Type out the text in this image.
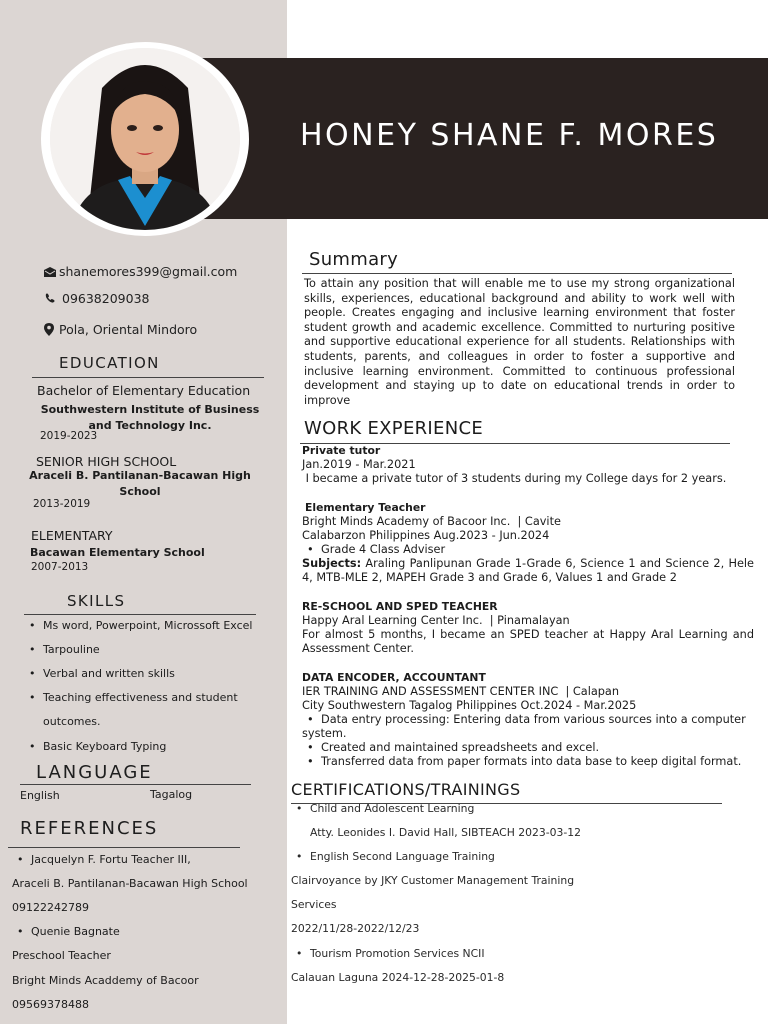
HONEY SHANE F. MORES
shanemores399@gmail.com
09638209038
Pola, Oriental Mindoro
EDUCATION
Bachelor of Elementary Education
Southwestern Institute of Business and Technology Inc.
2019-2023
SENIOR HIGH SCHOOL
Araceli B. Pantilanan-Bacawan High School
2013-2019
ELEMENTARY
Bacawan Elementary School
2007-2013
SKILLS
• Ms word, Powerpoint, Microssoft Excel
• Tarpouline
• Verbal and written skills
• Teaching effectiveness and student
outcomes.
• Basic Keyboard Typing
LANGUAGE
English	Tagalog
REFERENCES
• Jacquelyn F. Fortu Teacher III,
Araceli B. Pantilanan-Bacawan High School
09122242789
• Quenie Bagnate
Preschool Teacher
Bright Minds Acaddemy of Bacoor
09569378488
Summary
To attain any position that will enable me to use my strong organizational skills, experiences, educational background and ability to work well with people. Creates engaging and inclusive learning environment that foster student growth and academic excellence. Committed to nurturing positive and supportive educational experience for all students. Relationships with students, parents, and colleagues in order to foster a supportive and inclusive learning environment. Committed to continuous professional development and staying up to date on educational trends in order to improve
WORK EXPERIENCE
Private tutor
Jan.2019 - Mar.2021
I became a private tutor of 3 students during my College days for 2 years.
Elementary Teacher
Bright Minds Academy of Bacoor Inc.  | Cavite
Calabarzon Philippines Aug.2023 - Jun.2024
• Grade 4 Class Adviser
Subjects: Araling Panlipunan Grade 1-Grade 6, Science 1 and Science 2, Hele 4, MTB-MLE 2, MAPEH Grade 3 and Grade 6, Values 1 and Grade 2
RE-SCHOOL AND SPED TEACHER
Happy Aral Learning Center Inc.  | Pinamalayan
For almost 5 months, I became an SPED teacher at Happy Aral Learning and Assessment Center.
DATA ENCODER, ACCOUNTANT
IER TRAINING AND ASSESSMENT CENTER INC  | Calapan
City Southwestern Tagalog Philippines Oct.2024 - Mar.2025
• Data entry processing: Entering data from various sources into a computer
system.
• Created and maintained spreadsheets and excel.
• Transferred data from paper formats into data base to keep digital format.
CERTIFICATIONS/TRAININGS
• Child and Adolescent Learning
Atty. Leonides I. David Hall, SIBTEACH 2023-03-12
• English Second Language Training
Clairvoyance by JKY Customer Management Training
Services
2022/11/28-2022/12/23
• Tourism Promotion Services NCII
Calauan Laguna 2024-12-28-2025-01-8
